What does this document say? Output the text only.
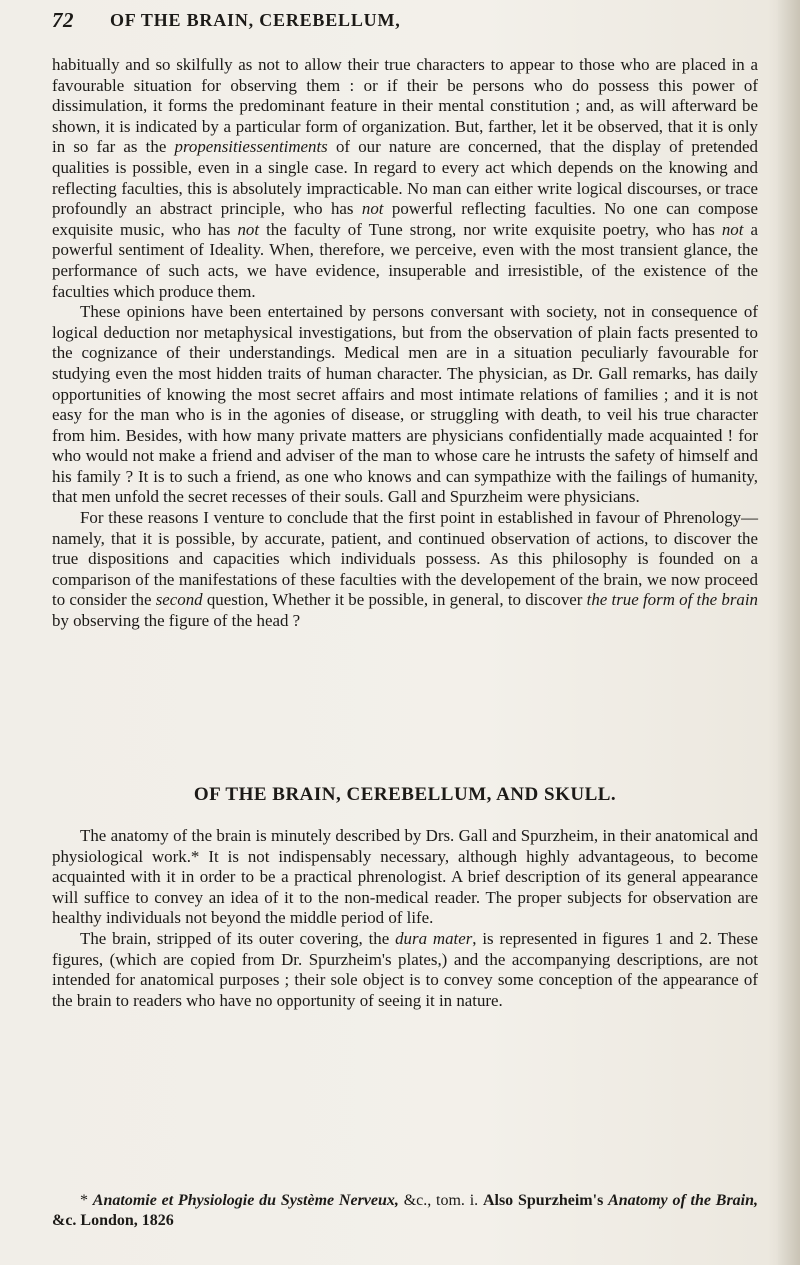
72 OF THE BRAIN, CEREBELLUM,

habitually and so skilfully as not to allow their true characters to appear to those who are placed in a favourable situation for observing them : or if their be persons who do possess this power of dissimulation, it forms the predominant feature in their mental constitution ; and, as will afterward be shown, it is indicated by a particular form of organization. But, farther, let it be observed, that it is only in so far as the propensitiessentiments of our nature are concerned, that the display of pretended qualities is possible, even in a single case. In regard to every act which depends on the knowing and reflecting faculties, this is absolutely impracticable. No man can either write logical discourses, or trace profoundly an abstract principle, who has not powerful reflecting faculties. No one can compose exquisite music, who has not the faculty of Tune strong, nor write exquisite poetry, who has not a powerful sentiment of Ideality. When, therefore, we perceive, even with the most transient glance, the performance of such acts, we have evidence, insuperable and irresistible, of the existence of the faculties which produce them.

These opinions have been entertained by persons conversant with society, not in consequence of logical deduction nor metaphysical investigations, but from the observation of plain facts presented to the cognizance of their understandings. Medical men are in a situation peculiarly favourable for studying even the most hidden traits of human character. The physician, as Dr. Gall remarks, has daily opportunities of knowing the most secret affairs and most intimate relations of families ; and it is not easy for the man who is in the agonies of disease, or struggling with death, to veil his true character from him. Besides, with how many private matters are physicians confidentially made acquainted ! for who would not make a friend and adviser of the man to whose care he intrusts the safety of himself and his family ? It is to such a friend, as one who knows and can sympathize with the failings of humanity, that men unfold the secret recesses of their souls. Gall and Spurzheim were physicians.

For these reasons I venture to conclude that the first point in established in favour of Phrenology—namely, that it is possible, by accurate, patient, and continued observation of actions, to discover the true dispositions and capacities which individuals possess. As this philosophy is founded on a comparison of the manifestations of these faculties with the developement of the brain, we now proceed to consider the second question, Whether it be possible, in general, to discover the true form of the brain by observing the figure of the head ?

OF THE BRAIN, CEREBELLUM, AND SKULL.

The anatomy of the brain is minutely described by Drs. Gall and Spurzheim, in their anatomical and physiological work.* It is not indispensably necessary, although highly advantageous, to become acquainted with it in order to be a practical phrenologist. A brief description of its general appearance will suffice to convey an idea of it to the non-medical reader. The proper subjects for observation are healthy individuals not beyond the middle period of life.

The brain, stripped of its outer covering, the dura mater, is represented in figures 1 and 2. These figures, (which are copied from Dr. Spurzheim's plates,) and the accompanying descriptions, are not intended for anatomical purposes ; their sole object is to convey some conception of the appearance of the brain to readers who have no opportunity of seeing it in nature.

* Anatomie et Physiologie du Système Nerveux, &c., tom. i. Also Spurzheim's Anatomy of the Brain, &c. London, 1826
